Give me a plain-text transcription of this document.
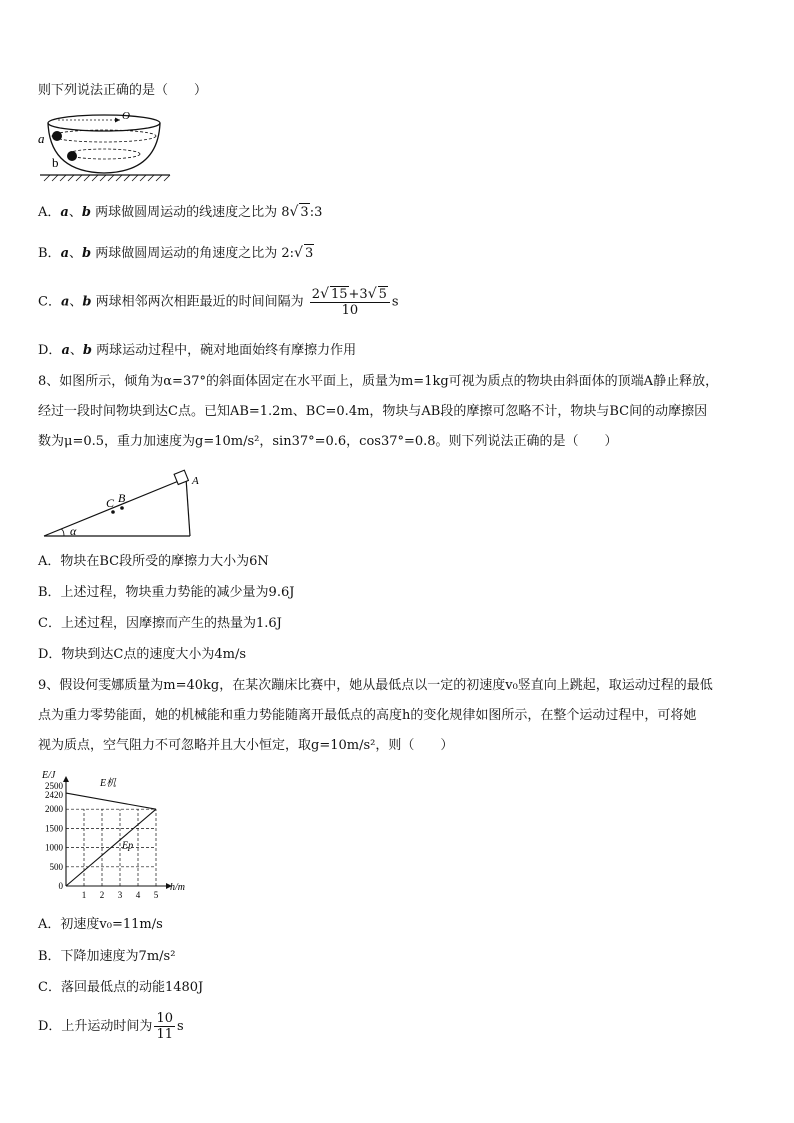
则下列说法正确的是（　　）
O
a
b
A．a、b 两球做圆周运动的线速度之比为 8√ 3:3
B．a、b 两球做圆周运动的角速度之比为 2:√ 3
C．a、b 两球相邻两次相距最近的时间间隔为 $\frac{2√ 15+3√ 5}{10}$ s
D．a、b 两球运动过程中，碗对地面始终有摩擦力作用
8、如图所示，倾角为α=37°的斜面体固定在水平面上，质量为m=1kg可视为质点的物块由斜面体的顶端A静止释放，
经过一段时间物块到达C点。已知AB=1.2m、BC=0.4m，物块与AB段的摩擦可忽略不计，物块与BC间的动摩擦因
数为μ=0.5，重力加速度为g=10m/s²，sin37°=0.6，cos37°=0.8。则下列说法正确的是（　　）
A
C B
α
A．物块在BC段所受的摩擦力大小为6N
B．上述过程，物块重力势能的减少量为9.6J
C．上述过程，因摩擦而产生的热量为1.6J
D．物块到达C点的速度大小为4m/s
9、假设何雯娜质量为m=40kg，在某次蹦床比赛中，她从最低点以一定的初速度v₀竖直向上跳起，取运动过程的最低
点为重力零势能面，她的机械能和重力势能随离开最低点的高度h的变化规律如图所示，在整个运动过程中，可将她
视为质点，空气阻力不可忽略并且大小恒定，取g=10m/s²，则（　　）
E/J
h/m
1 2 3 4 5
0
500
1000
1500
2000
2420
2500	E机
Ep
A．初速度v₀=11m/s
B．下降加速度为7m/s²
C．落回最低点的动能1480J
D．上升运动时间为 $\frac{10}{11}$ s
